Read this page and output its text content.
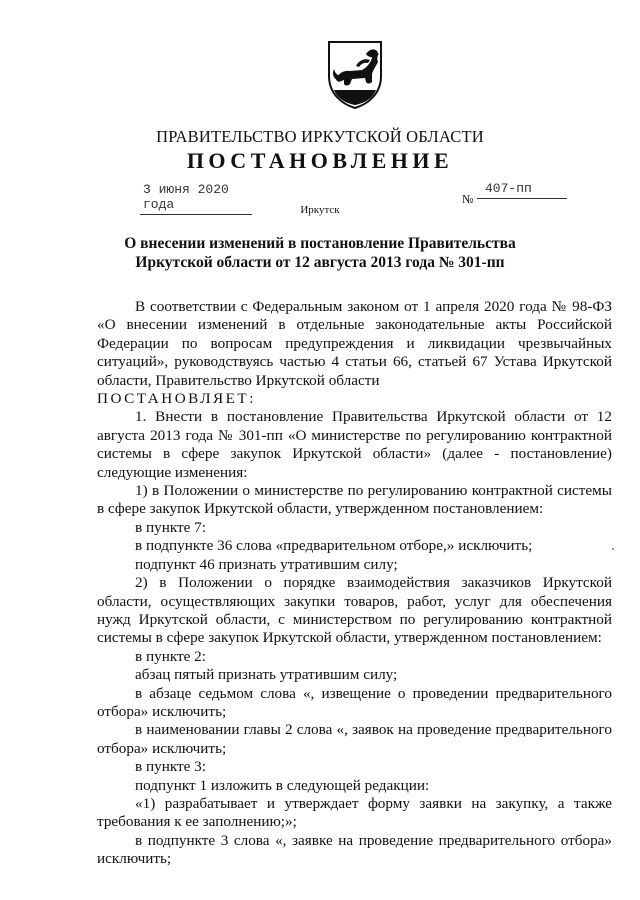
ПРАВИТЕЛЬСТВО ИРКУТСКОЙ ОБЛАСТИ
ПОСТАНОВЛЕНИЕ
3 июня 2020 года	№
407-пп
Иркутск
О внесении изменений в постановление Правительства
Иркутской области от 12 августа 2013 года № 301-пп

В соответствии с Федеральным законом от 1 апреля 2020 года № 98-ФЗ «О внесении изменений в отдельные законодательные акты Российской Федерации по вопросам предупреждения и ликвидации чрезвычайных ситуаций», руководствуясь частью 4 статьи 66, статьей 67 Устава Иркутской области, Правительство Иркутской области

ПОСТАНОВЛЯЕТ:

1. Внести в постановление Правительства Иркутской области от 12 августа 2013 года № 301-пп «О министерстве по регулированию контрактной системы в сфере закупок Иркутской области» (далее - постановление) следующие изменения:

1) в Положении о министерстве по регулированию контрактной системы в сфере закупок Иркутской области, утвержденном постановлением:

в пункте 7:

в подпункте 36 слова «предварительном отборе,» исключить;

подпункт 46 признать утратившим силу;

2) в Положении о порядке взаимодействия заказчиков Иркутской области, осуществляющих закупки товаров, работ, услуг для обеспечения нужд Иркутской области, с министерством по регулированию контрактной системы в сфере закупок Иркутской области, утвержденном постановлением:

в пункте 2:

абзац пятый признать утратившим силу;

в абзаце седьмом слова «, извещение о проведении предварительного отбора» исключить;

в наименовании главы 2 слова «, заявок на проведение предварительного отбора» исключить;

в пункте 3:

подпункт 1 изложить в следующей редакции:

«1) разрабатывает и утверждает форму заявки на закупку, а также требования к ее заполнению;»;

в подпункте 3 слова «, заявке на проведение предварительного отбора» исключить;
